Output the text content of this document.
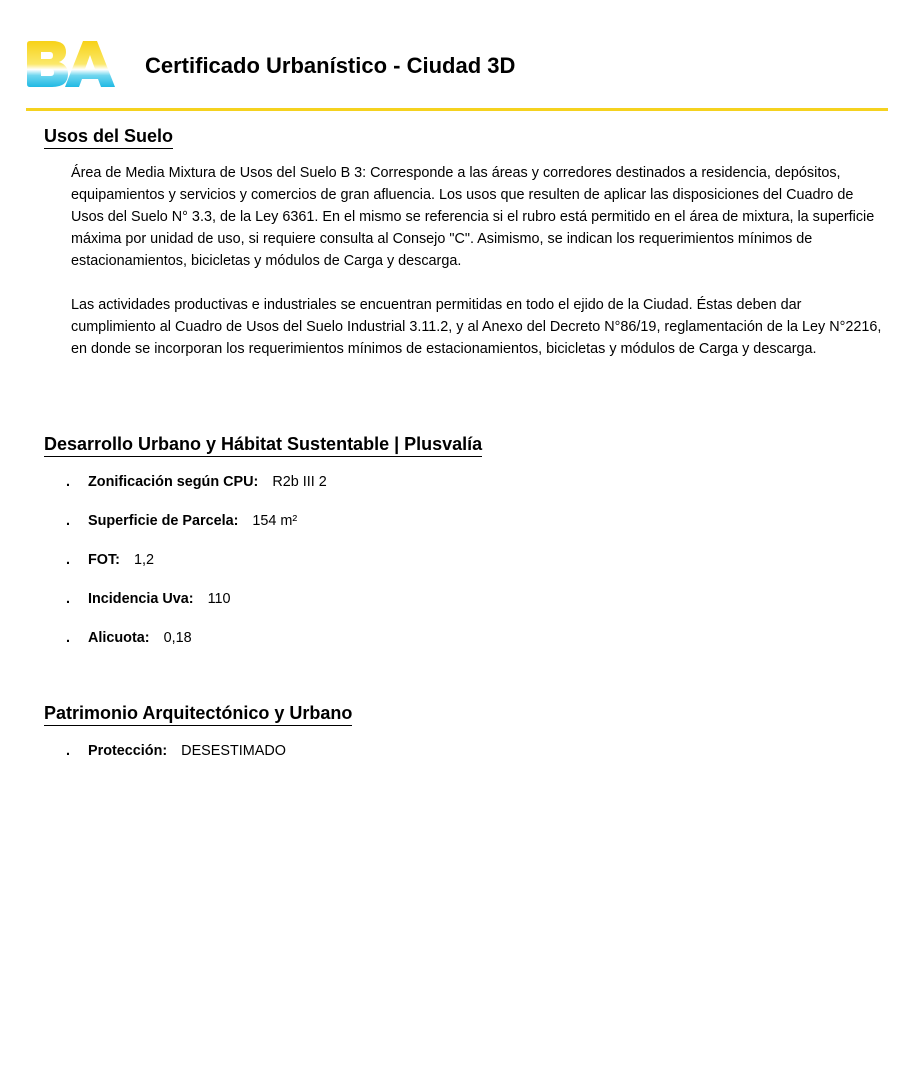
Certificado Urbanístico - Ciudad 3D
Usos del Suelo

Área de Media Mixtura de Usos del Suelo B 3: Corresponde a las áreas y corredores destinados a residencia, depósitos, equipamientos y servicios y comercios de gran afluencia. Los usos que resulten de aplicar las disposiciones del Cuadro de Usos del Suelo N° 3.3, de la Ley 6361. En el mismo se referencia si el rubro está permitido en el área de mixtura, la superficie máxima por unidad de uso, si requiere consulta al Consejo "C". Asimismo, se indican los requerimientos mínimos de estacionamientos, bicicletas y módulos de Carga y descarga.

Las actividades productivas e industriales se encuentran permitidas en todo el ejido de la Ciudad. Éstas deben dar cumplimiento al Cuadro de Usos del Suelo Industrial 3.11.2, y al Anexo del Decreto N°86/19, reglamentación de la Ley N°2216, en donde se incorporan los requerimientos mínimos de estacionamientos, bicicletas y módulos de Carga y descarga.

Desarrollo Urbano y Hábitat Sustentable | Plusvalía
. Zonificación según CPU: R2b III 2
. Superficie de Parcela: 154 m²
. FOT: 1,2
. Incidencia Uva: 110
. Alicuota: 0,18
Patrimonio Arquitectónico y Urbano
. Protección: DESESTIMADO
